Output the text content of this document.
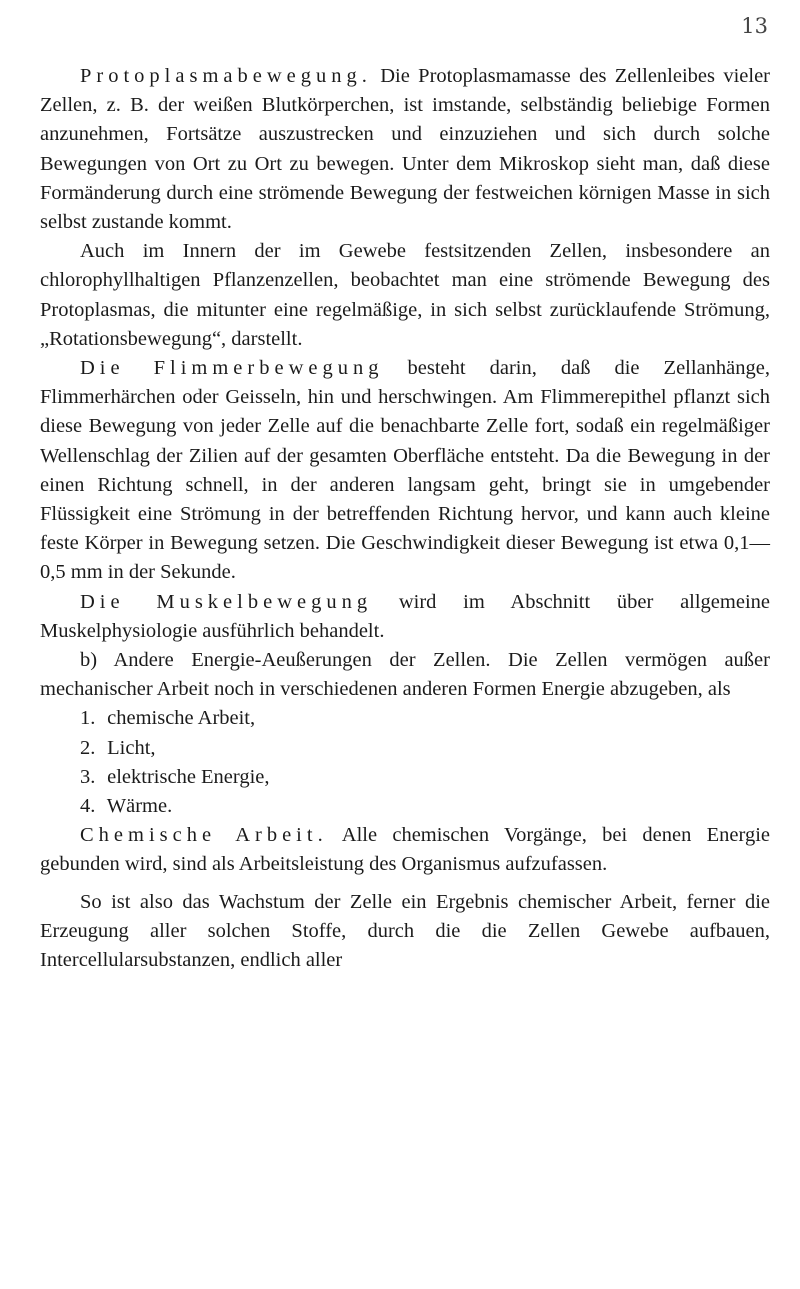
13

Protoplasmabewegung. Die Protoplasmamasse des Zellenleibes vieler Zellen, z. B. der weißen Blutkörperchen, ist imstande, selbständig beliebige Formen anzunehmen, Fortsätze auszustrecken und einzuziehen und sich durch solche Bewegungen von Ort zu Ort zu bewegen. Unter dem Mikroskop sieht man, daß diese Formänderung durch eine strömende Bewegung der festweichen körnigen Masse in sich selbst zustande kommt.

Auch im Innern der im Gewebe festsitzenden Zellen, insbesondere an chlorophyllhaltigen Pflanzenzellen, beobachtet man eine strömende Bewegung des Protoplasmas, die mitunter eine regelmäßige, in sich selbst zurücklaufende Strömung, „Rotationsbewegung“, darstellt.

Die Flimmerbewegung besteht darin, daß die Zellanhänge, Flimmerhärchen oder Geisseln, hin und herschwingen. Am Flimmerepithel pflanzt sich diese Bewegung von jeder Zelle auf die benachbarte Zelle fort, sodaß ein regelmäßiger Wellenschlag der Zilien auf der gesamten Oberfläche entsteht. Da die Bewegung in der einen Richtung schnell, in der anderen langsam geht, bringt sie in umgebender Flüssigkeit eine Strömung in der betreffenden Richtung hervor, und kann auch kleine feste Körper in Bewegung setzen. Die Geschwindigkeit dieser Bewegung ist etwa 0,1—0,5 mm in der Sekunde.

Die Muskelbewegung wird im Abschnitt über allgemeine Muskelphysiologie ausführlich behandelt.

b) Andere Energie-Aeußerungen der Zellen. Die Zellen vermögen außer mechanischer Arbeit noch in verschiedenen anderen Formen Energie abzugeben, als

1. chemische Arbeit,
2. Licht,
3. elektrische Energie,
4. Wärme.

Chemische Arbeit. Alle chemischen Vorgänge, bei denen Energie gebunden wird, sind als Arbeitsleistung des Organismus aufzufassen.

So ist also das Wachstum der Zelle ein Ergebnis chemischer Arbeit, ferner die Erzeugung aller solchen Stoffe, durch die die Zellen Gewebe aufbauen, Intercellularsubstanzen, endlich aller
